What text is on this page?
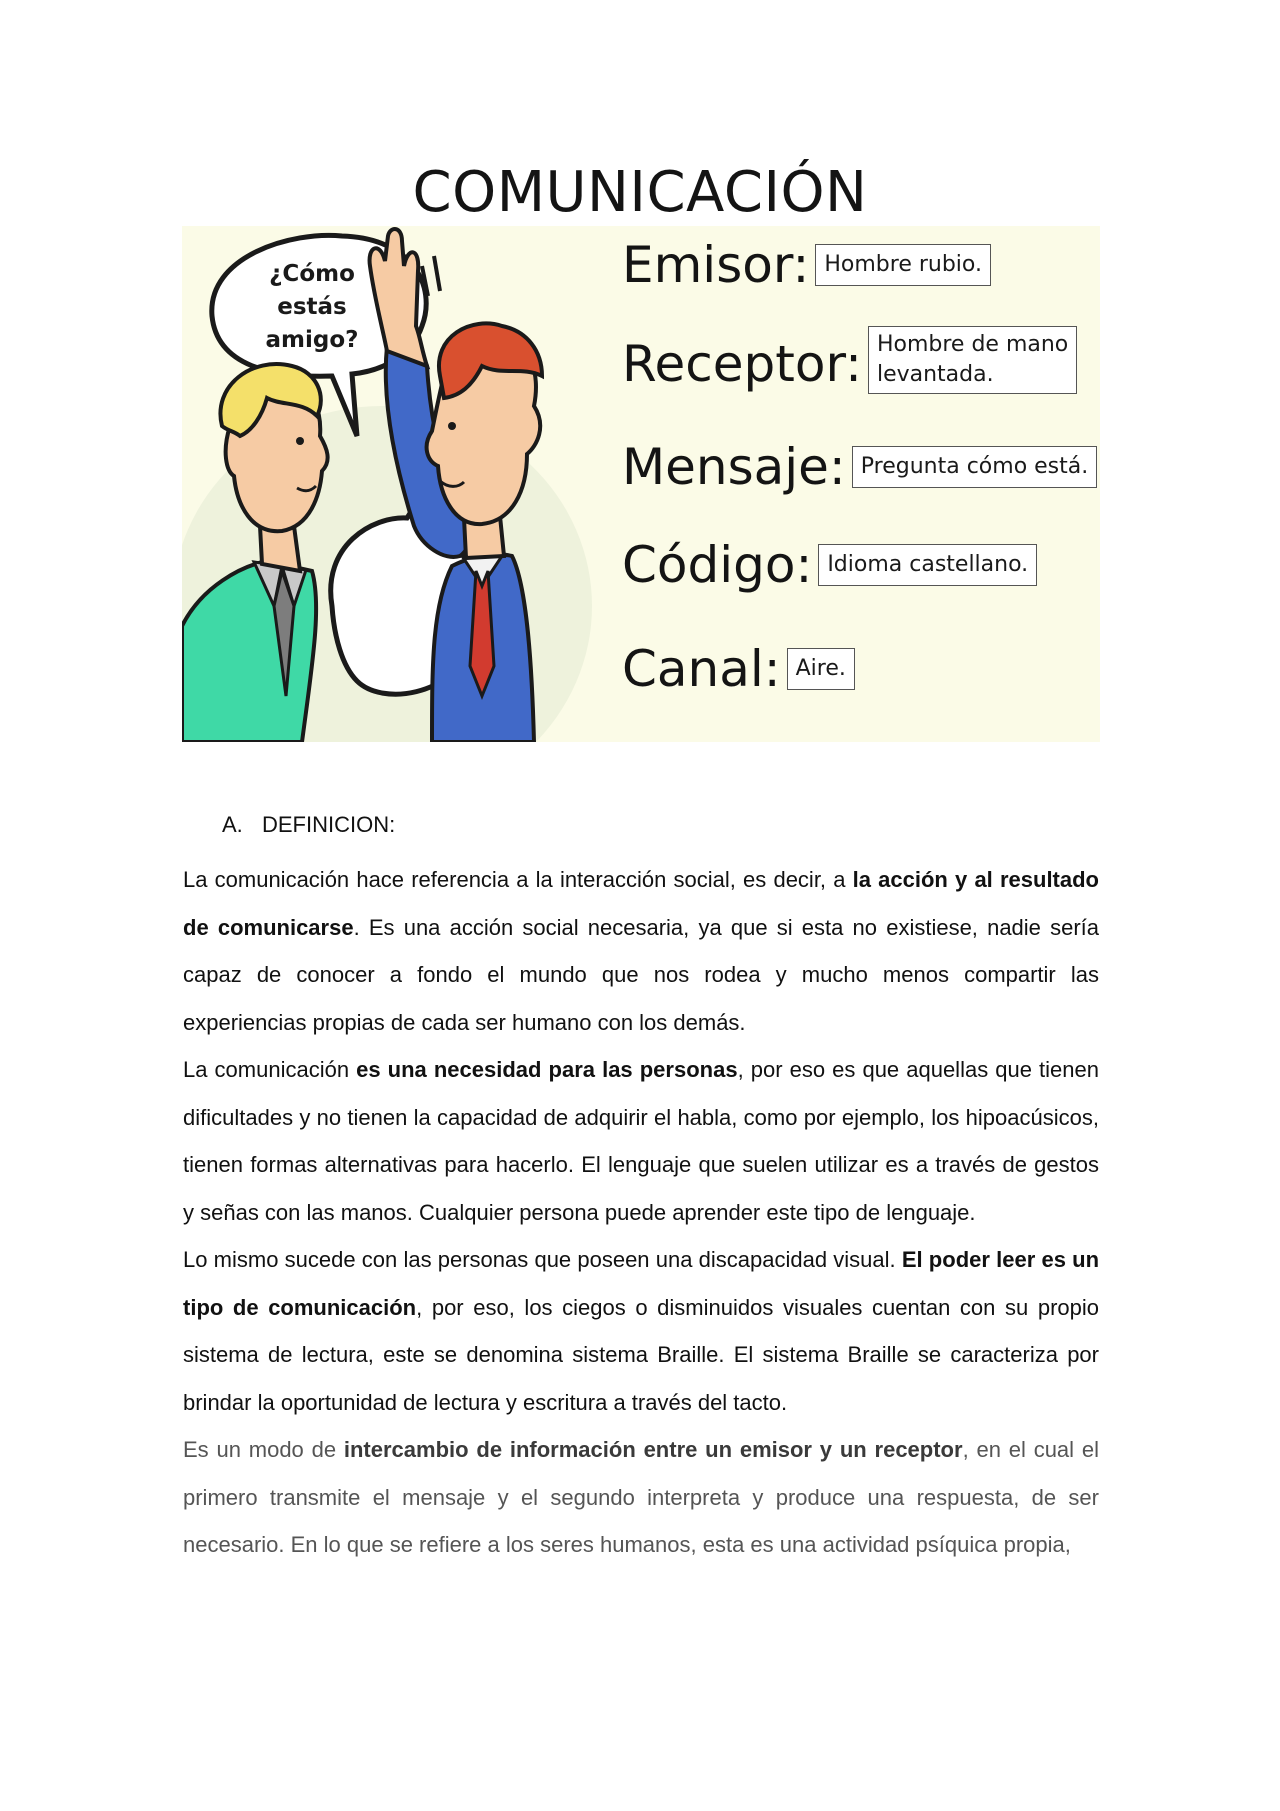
COMUNICACIÓN
¿Cómo
estás
amigo?
Emisor: Hombre rubio.
Receptor: Hombre de mano
levantada.
Mensaje: Pregunta cómo está.
Código: Idioma castellano.
Canal: Aire.
A. DEFINICION:

La comunicación hace referencia a la interacción social, es decir, a la acción y al resultado de comunicarse. Es una acción social necesaria, ya que si esta no existiese, nadie sería capaz de conocer a fondo el mundo que nos rodea y mucho menos compartir las experiencias propias de cada ser humano con los demás.

La comunicación es una necesidad para las personas, por eso es que aquellas que tienen dificultades y no tienen la capacidad de adquirir el habla, como por ejemplo, los hipoacúsicos, tienen formas alternativas para hacerlo. El lenguaje que suelen utilizar es a través de gestos y señas con las manos. Cualquier persona puede aprender este tipo de lenguaje.

Lo mismo sucede con las personas que poseen una discapacidad visual. El poder leer es un tipo de comunicación, por eso, los ciegos o disminuidos visuales cuentan con su propio sistema de lectura, este se denomina sistema Braille. El sistema Braille se caracteriza por brindar la oportunidad de lectura y escritura a través del tacto.

Es un modo de intercambio de información entre un emisor y un receptor, en el cual el primero transmite el mensaje y el segundo interpreta y produce una respuesta, de ser necesario. En lo que se refiere a los seres humanos, esta es una actividad psíquica propia,
